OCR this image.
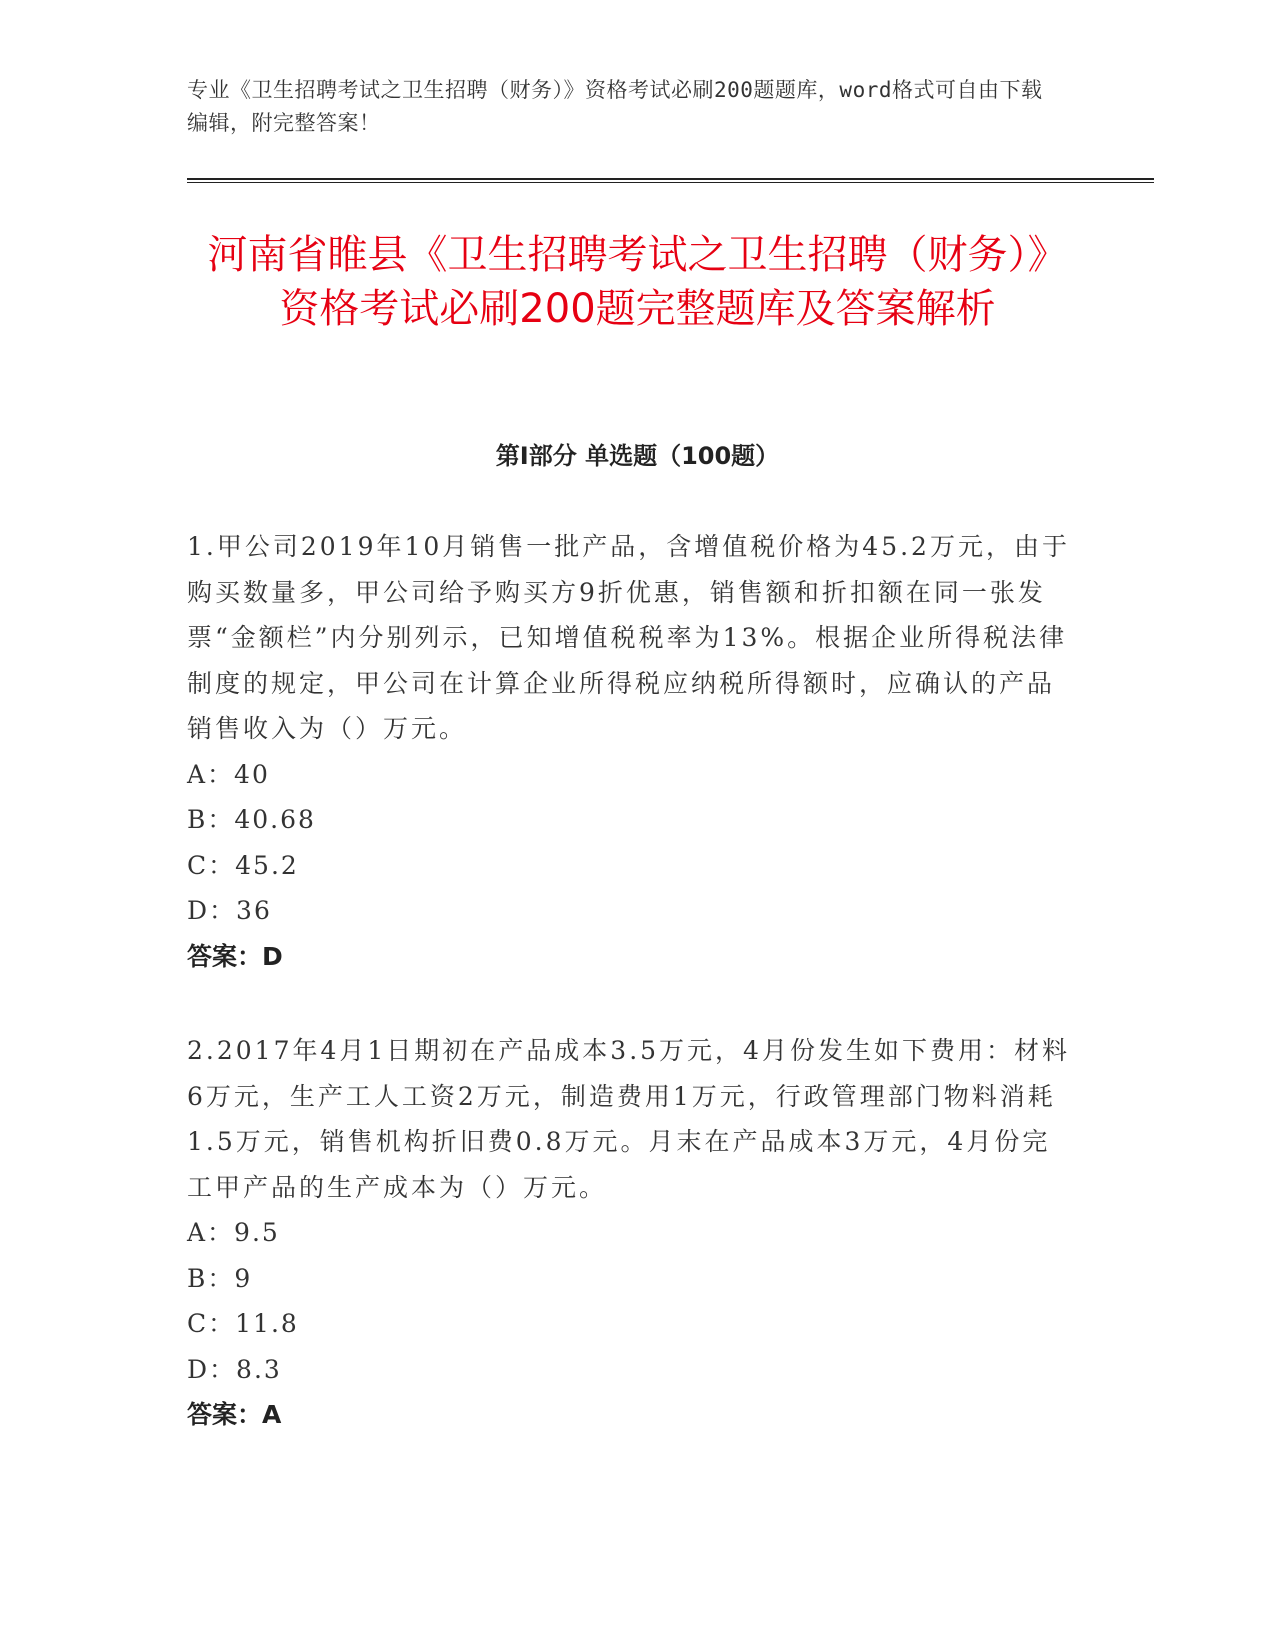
专业《卫生招聘考试之卫生招聘（财务）》资格考试必刷200题题库，word格式可自由下载编辑，附完整答案！
河南省睢县《卫生招聘考试之卫生招聘（财务）》资格考试必刷200题完整题库及答案解析
第Ⅰ部分 单选题（100题）

1.甲公司2019年10月销售一批产品，含增值税价格为45.2万元，由于购买数量多，甲公司给予购买方9折优惠，销售额和折扣额在同一张发票“金额栏”内分别列示，已知增值税税率为13%。根据企业所得税法律制度的规定，甲公司在计算企业所得税应纳税所得额时，应确认的产品销售收入为（）万元。

A：40

B：40.68

C：45.2

D：36

答案：D

2.2017年4月1日期初在产品成本3.5万元，4月份发生如下费用：材料6万元，生产工人工资2万元，制造费用1万元，行政管理部门物料消耗1.5万元，销售机构折旧费0.8万元。月末在产品成本3万元，4月份完工甲产品的生产成本为（）万元。

A：9.5

B：9

C：11.8

D：8.3

答案：A
